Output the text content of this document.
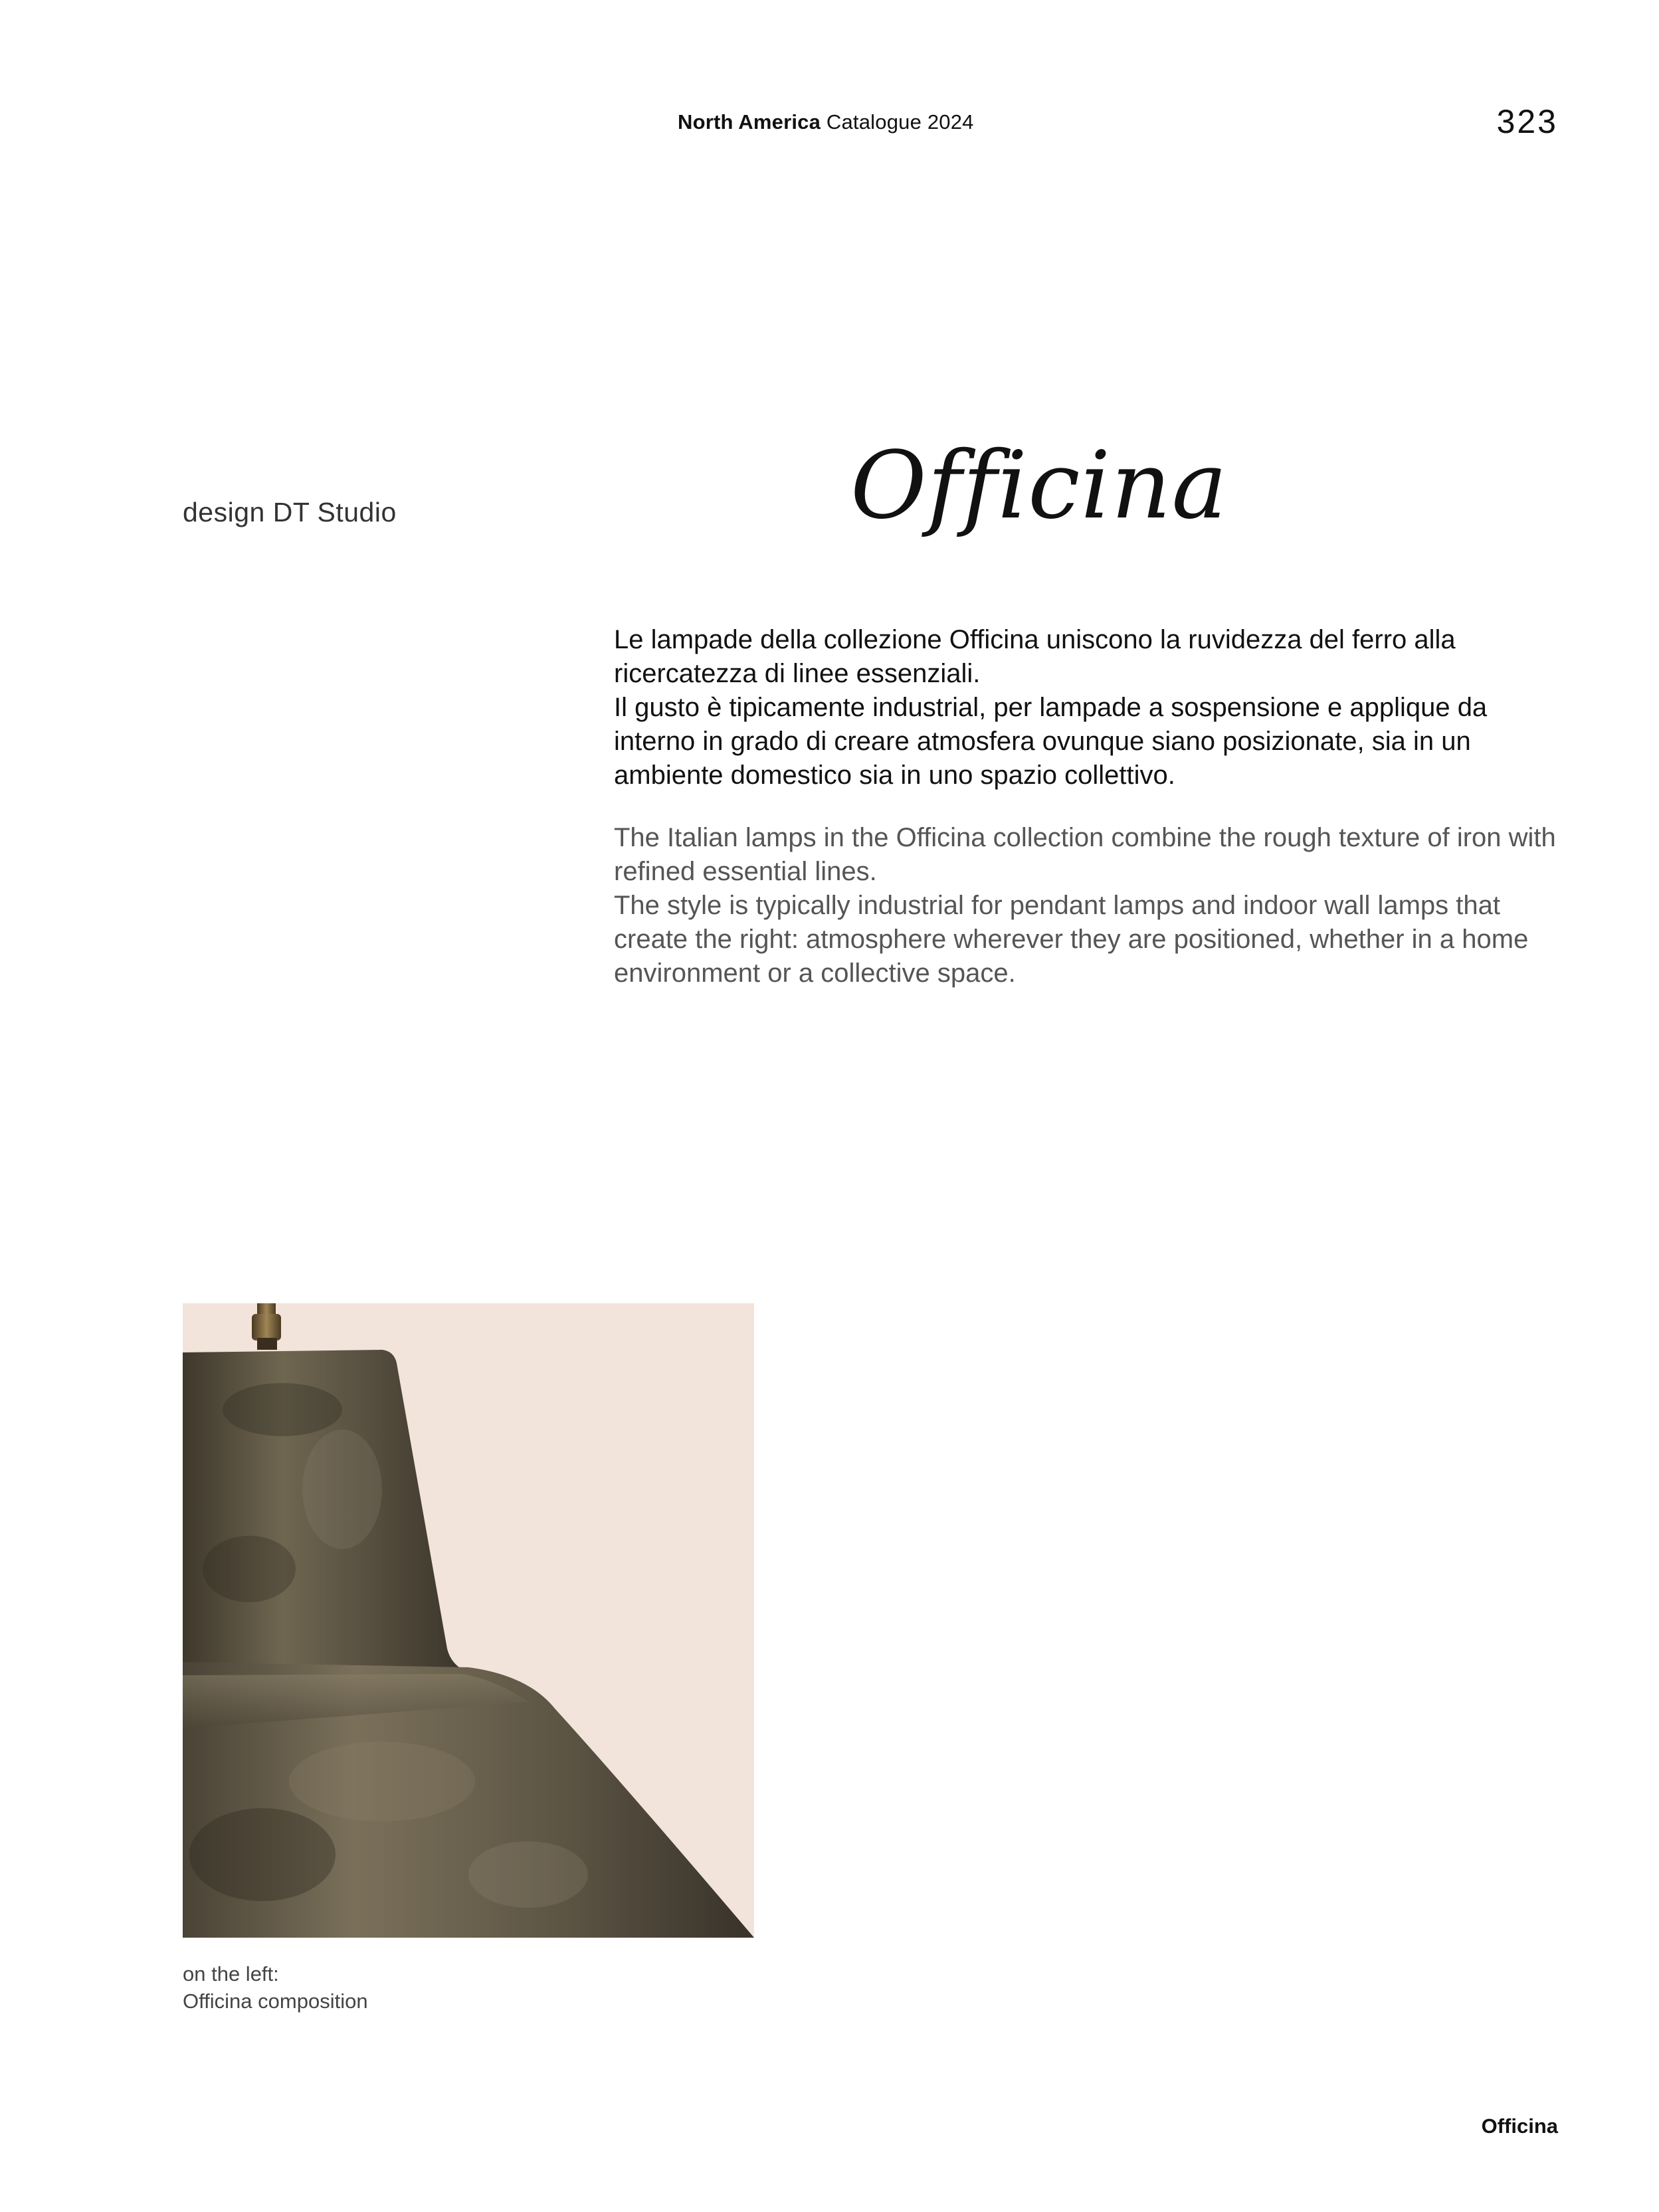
North America Catalogue 2024	323
design DT Studio	Officina

Le lampade della collezione Officina uniscono la ruvidezza del ferro alla ricercatezza di linee essenziali.

Il gusto è tipicamente industrial, per lampade a sospensione e applique da interno in grado di creare atmosfera ovunque siano posizionate, sia in un ambiente domestico sia in uno spazio collettivo.

The Italian lamps in the Officina collection combine the rough texture of iron with refined essential lines.

The style is typically industrial for pendant lamps and indoor wall lamps that create the right: atmosphere wherever they are positioned, whether in a home environment or a collective space.

on the left:
Officina composition
Officina
